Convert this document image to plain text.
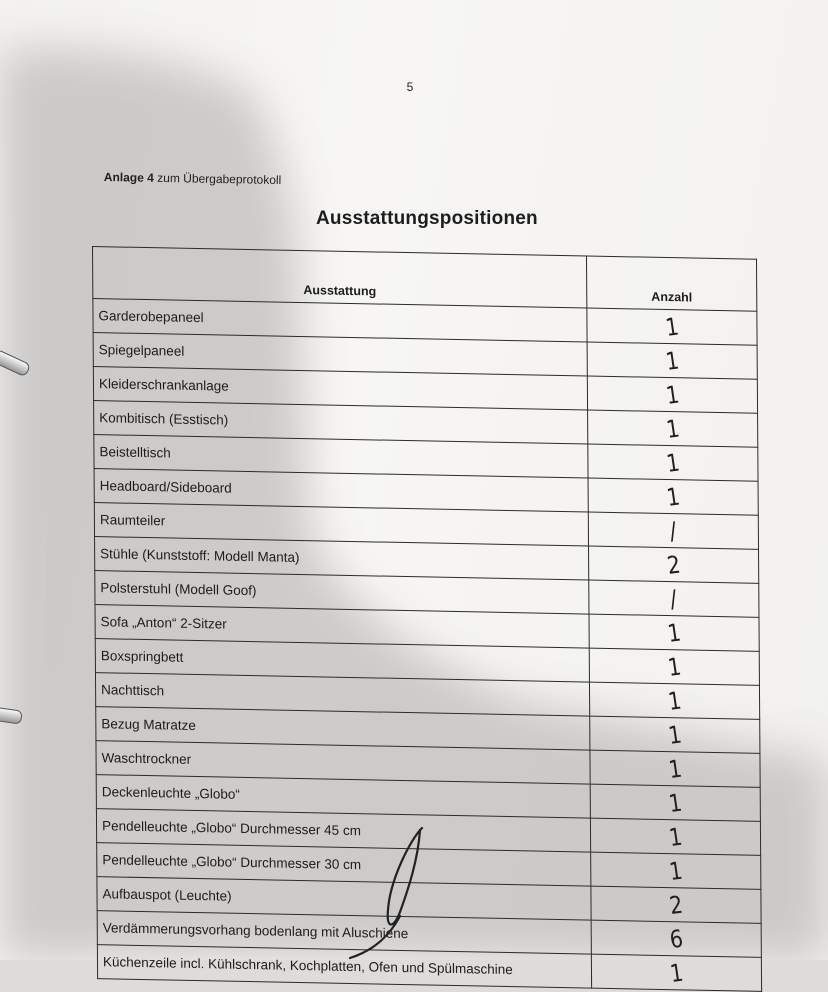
5
Anlage 4 zum Übergabeprotokoll
Ausstattungspositionen
Ausstattung	Anzahl
Garderobepaneel	1
Spiegelpaneel	1
Kleiderschrankanlage	1
Kombitisch (Esstisch)	1
Beistelltisch	1
Headboard/Sideboard	1
Raumteiler	/
Stühle (Kunststoff: Modell Manta)	2
Polsterstuhl (Modell Goof)	/
Sofa „Anton“ 2-Sitzer	1
Boxspringbett	1
Nachttisch	1
Bezug Matratze	1
Waschtrockner	1
Deckenleuchte „Globo“	1
Pendelleuchte „Globo“ Durchmesser 45 cm	1
Pendelleuchte „Globo“ Durchmesser 30 cm	1
Aufbauspot (Leuchte)	2
Verdämmerungsvorhang bodenlang mit Aluschiene	6
Küchenzeile incl. Kühlschrank, Kochplatten, Ofen und Spülmaschine	1
